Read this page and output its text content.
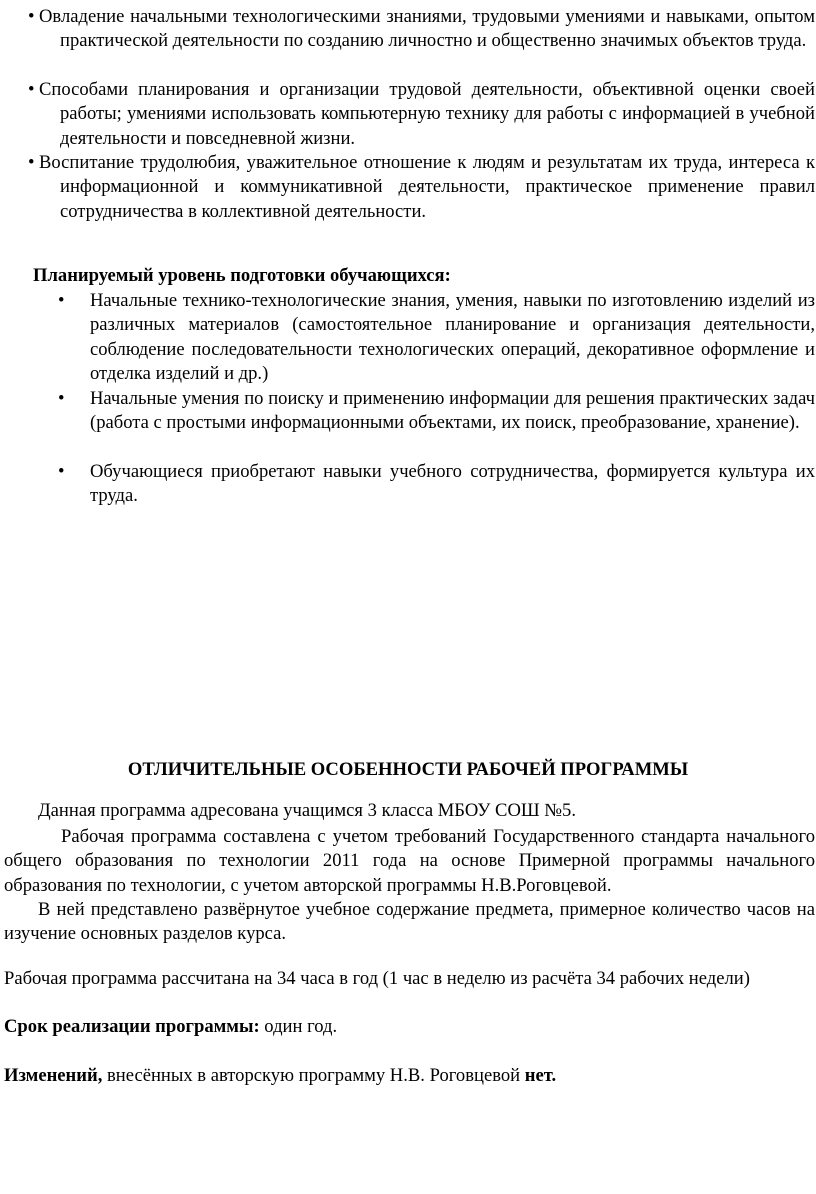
• Овладение начальными технологическими знаниями, трудовыми умениями и навыками, опытом практической деятельности по созданию личностно и общественно значимых объектов труда.
• Способами планирования и организации трудовой деятельности, объективной оценки своей работы; умениями использовать компьютерную технику для работы с информацией в учебной деятельности и повседневной жизни.
• Воспитание трудолюбия, уважительное отношение к людям и результатам их труда, интереса к информационной и коммуникативной деятельности, практическое применение правил сотрудничества в коллективной деятельности.

Планируемый уровень подготовки обучающихся:

•	Начальные технико-технологические знания, умения, навыки по изготовлению изделий из различных материалов (самостоятельное планирование и организация деятельности, соблюдение последовательности технологических операций, декоративное оформление и отделка изделий и др.)
•	Начальные умения по поиску и применению информации для решения практических задач (работа с простыми информационными объектами, их поиск, преобразование, хранение).
•	Обучающиеся приобретают навыки учебного сотрудничества, формируется культура их труда.

ОТЛИЧИТЕЛЬНЫЕ ОСОБЕННОСТИ РАБОЧЕЙ ПРОГРАММЫ

Данная программа адресована учащимся 3 класса МБОУ СОШ №5.

Рабочая программа составлена с учетом требований Государственного стандарта начального общего образования по технологии 2011 года на основе Примерной программы начального образования по технологии, с учетом авторской программы Н.В.Роговцевой.

В ней представлено развёрнутое учебное содержание предмета, примерное количество часов на изучение основных разделов курса.

Рабочая программа рассчитана на 34 часа в год (1 час в неделю из расчёта 34 рабочих недели)

Срок реализации программы: один год.

Изменений, внесённых в авторскую программу Н.В. Роговцевой нет.
